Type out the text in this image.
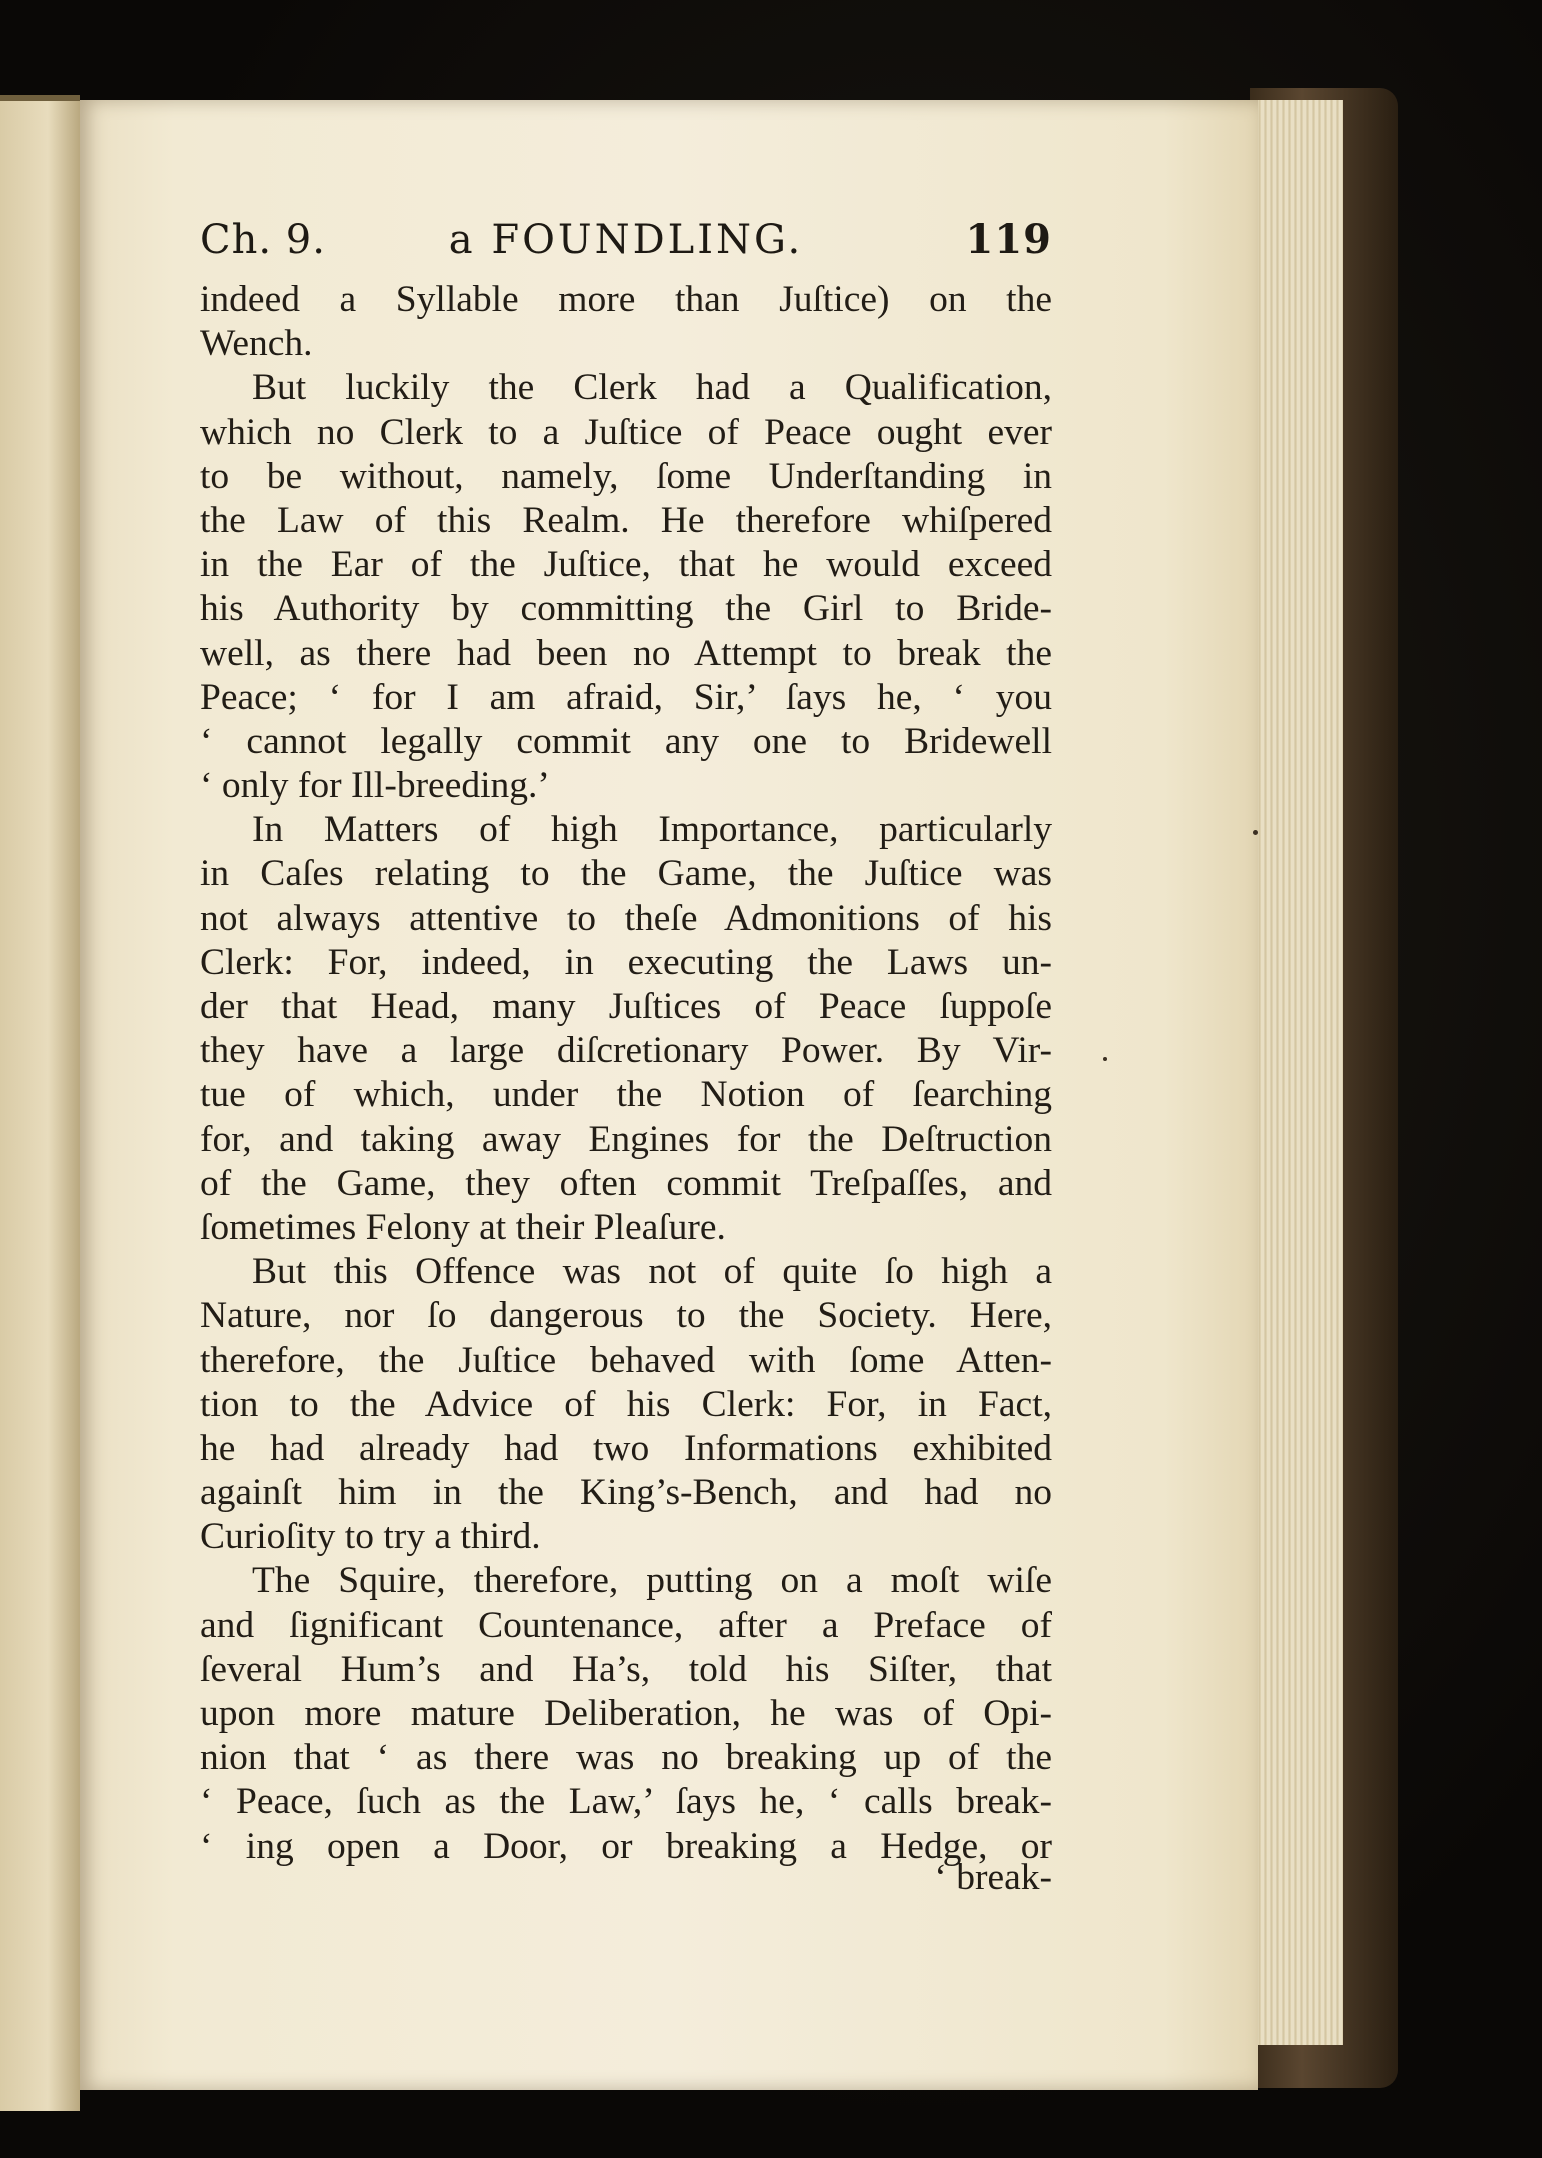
Ch. 9.	a FOUNDLING.	119
indeed a Syllable more than Juſtice) on the
Wench.
But luckily the Clerk had a Qualification,
which no Clerk to a Juſtice of Peace ought ever
to be without, namely, ſome Underſtanding in
the Law of this Realm. He therefore whiſpered
in the Ear of the Juſtice, that he would exceed
his Authority by committing the Girl to Bride-
well, as there had been no Attempt to break the
Peace; ‘ for I am afraid, Sir,’ ſays he, ‘ you
‘ cannot legally commit any one to Bridewell
‘ only for Ill-breeding.’
In Matters of high Importance, particularly
in Caſes relating to the Game, the Juſtice was
not always attentive to theſe Admonitions of his
Clerk: For, indeed, in executing the Laws un-
der that Head, many Juſtices of Peace ſuppoſe
they have a large diſcretionary Power. By Vir-
tue of which, under the Notion of ſearching
for, and taking away Engines for the Deſtruction
of the Game, they often commit Treſpaſſes, and
ſometimes Felony at their Pleaſure.
But this Offence was not of quite ſo high a
Nature, nor ſo dangerous to the Society. Here,
therefore, the Juſtice behaved with ſome Atten-
tion to the Advice of his Clerk: For, in Fact,
he had already had two Informations exhibited
againſt him in the King’s-Bench, and had no
Curioſity to try a third.
The Squire, therefore, putting on a moſt wiſe
and ſignificant Countenance, after a Preface of
ſeveral Hum’s and Ha’s, told his Siſter, that
upon more mature Deliberation, he was of Opi-
nion that ‘ as there was no breaking up of the
‘ Peace, ſuch as the Law,’ ſays he, ‘ calls break-
‘ ing open a Door, or breaking a Hedge, or
‘ break-
